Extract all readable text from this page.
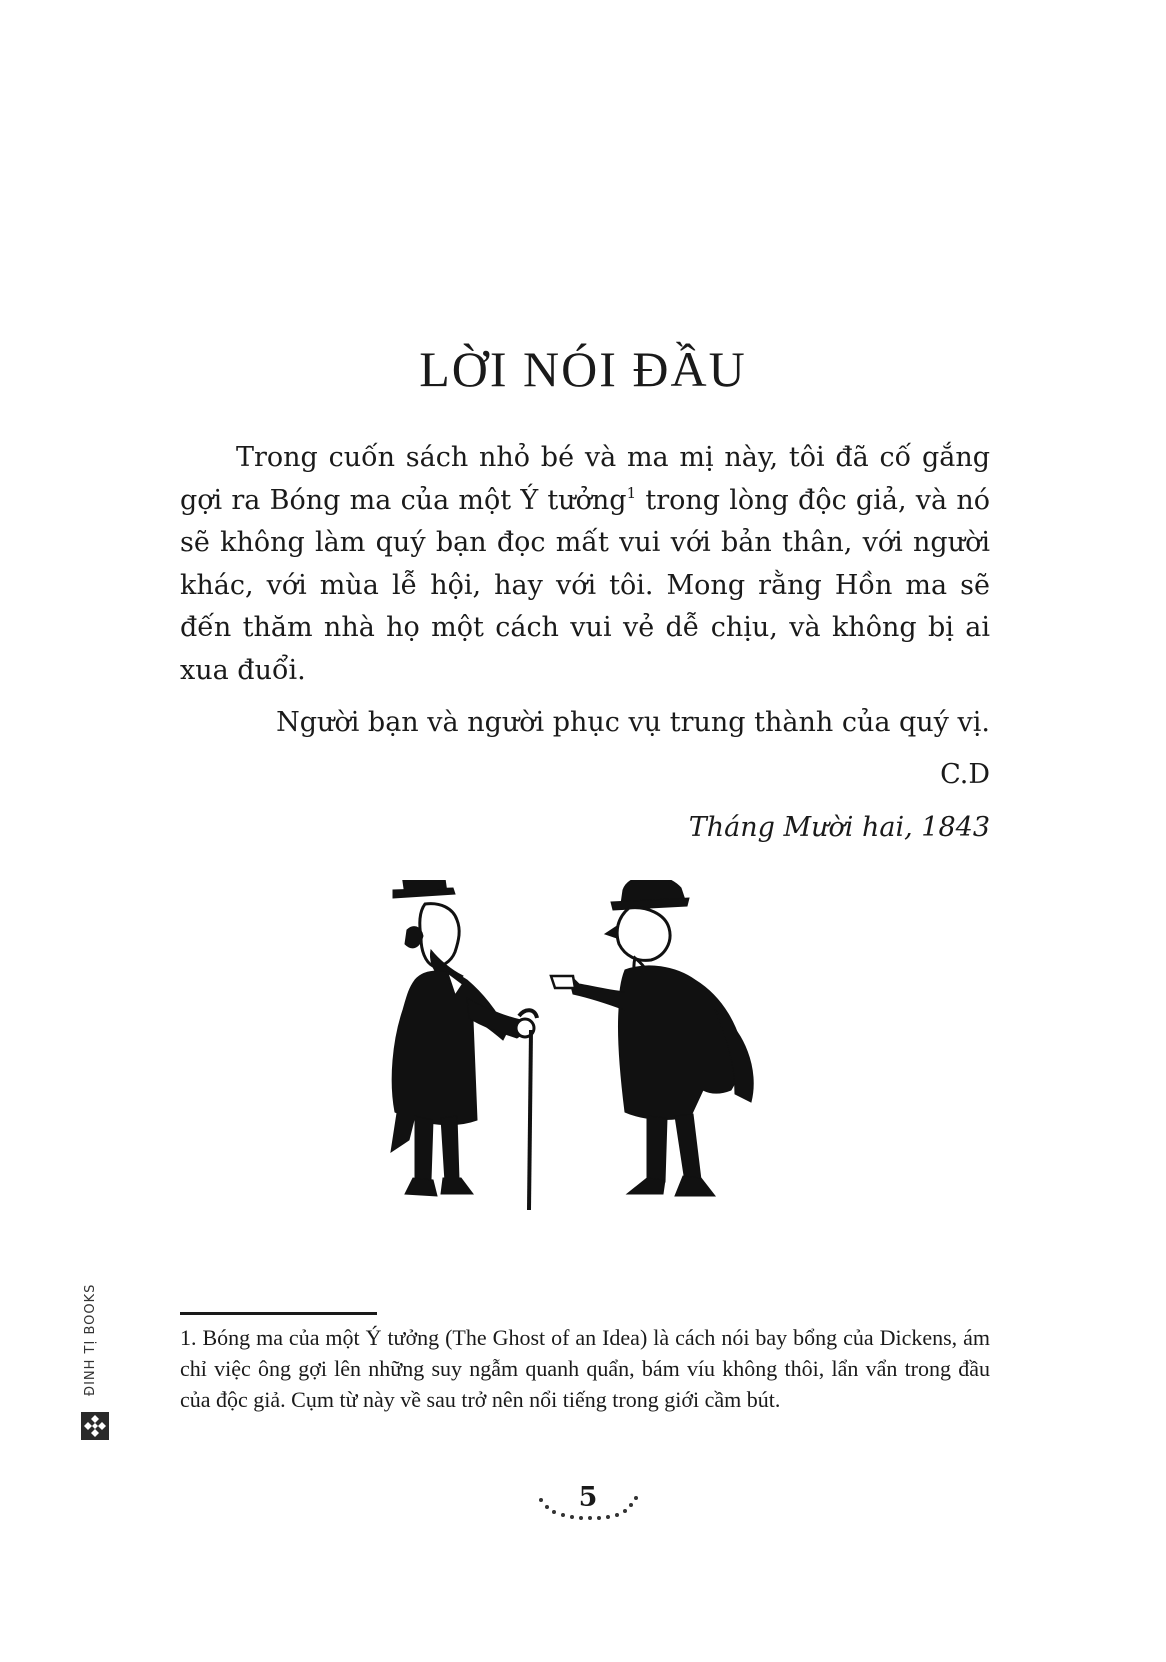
LỜI NÓI ĐẦU

Trong cuốn sách nhỏ bé và ma mị này, tôi đã cố gắng gợi ra Bóng ma của một Ý tưởng$^1$ trong lòng độc giả, và nó sẽ không làm quý bạn đọc mất vui với bản thân, với người khác, với mùa lễ hội, hay với tôi. Mong rằng Hồn ma sẽ đến thăm nhà họ một cách vui vẻ dễ chịu, và không bị ai xua đuổi.

Người bạn và người phục vụ trung thành của quý vị.

C.D
Tháng Mười hai, 1843

1. Bóng ma của một Ý tưởng (The Ghost of an Idea) là cách nói bay bổng của Dickens, ám chỉ việc ông gợi lên những suy ngẫm quanh quẩn, bám víu không thôi, lẩn vẩn trong đầu của độc giả. Cụm từ này về sau trở nên nổi tiếng trong giới cầm bút.

5
ĐINH TỊ BOOKS
